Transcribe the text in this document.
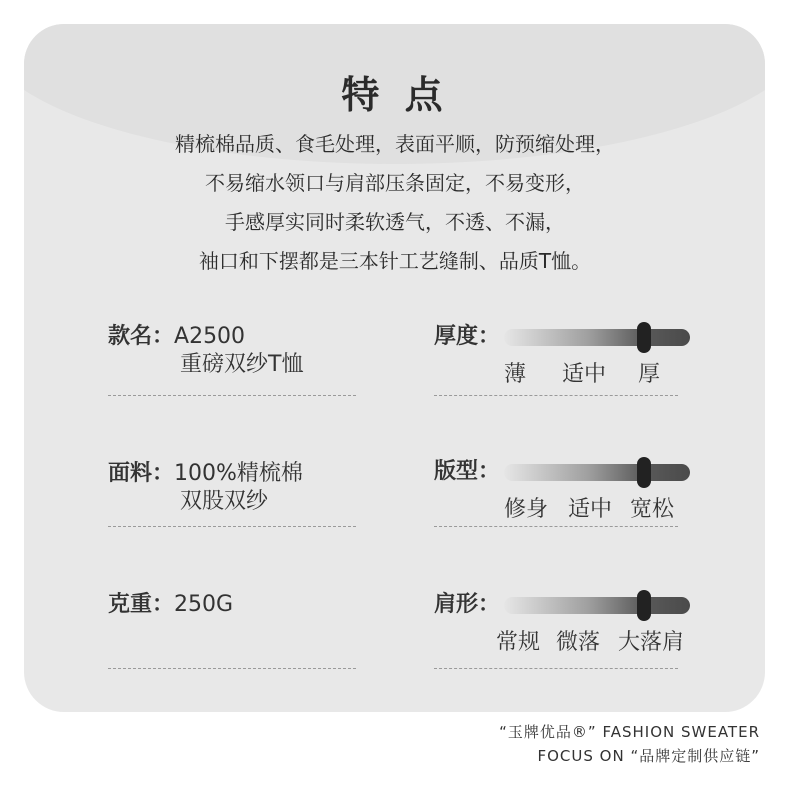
特 点
精梳棉品质、食毛处理，表面平顺，防预缩处理，
不易缩水领口与肩部压条固定，不易变形，
手感厚实同时柔软透气，不透、不漏，
袖口和下摆都是三本针工艺缝制、品质T恤。
款名：A2500
重磅双纱T恤
面料：100%精梳棉
双股双纱
克重：250G
厚度：
薄 适中 厚
版型：
修身 适中 宽松
肩形：
常规 微落 大落肩
“玉牌优品®” FASHION SWEATER
FOCUS ON “品牌定制供应链”
